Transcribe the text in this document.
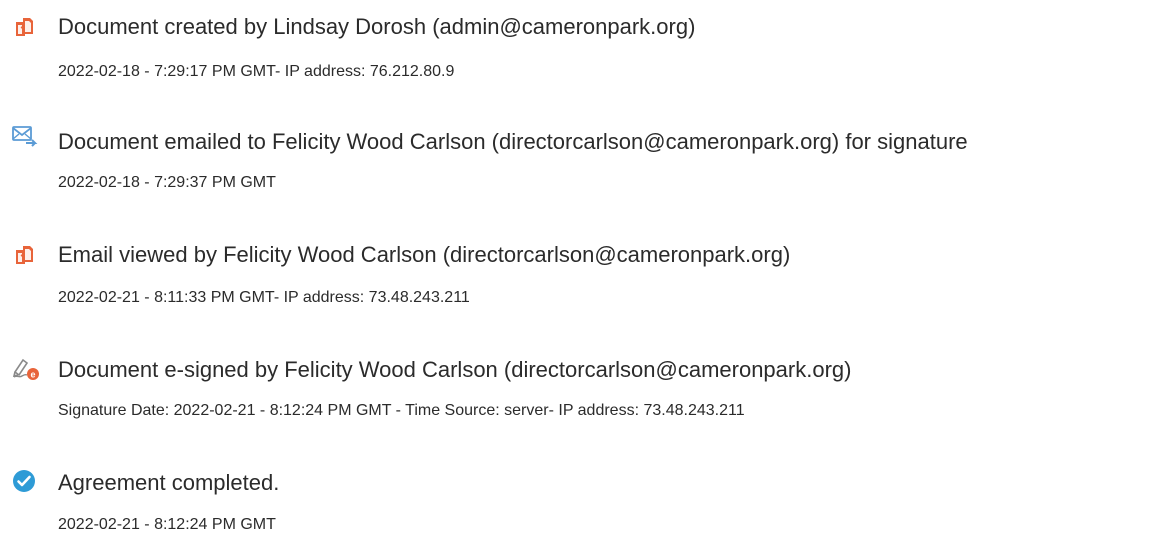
Document created by Lindsay Dorosh (admin@cameronpark.org)
2022-02-18 - 7:29:17 PM GMT- IP address: 76.212.80.9
Document emailed to Felicity Wood Carlson (directorcarlson@cameronpark.org) for signature
2022-02-18 - 7:29:37 PM GMT
Email viewed by Felicity Wood Carlson (directorcarlson@cameronpark.org)
2022-02-21 - 8:11:33 PM GMT- IP address: 73.48.243.211
e Document e-signed by Felicity Wood Carlson (directorcarlson@cameronpark.org)
Signature Date: 2022-02-21 - 8:12:24 PM GMT - Time Source: server- IP address: 73.48.243.211
Agreement completed.
2022-02-21 - 8:12:24 PM GMT
